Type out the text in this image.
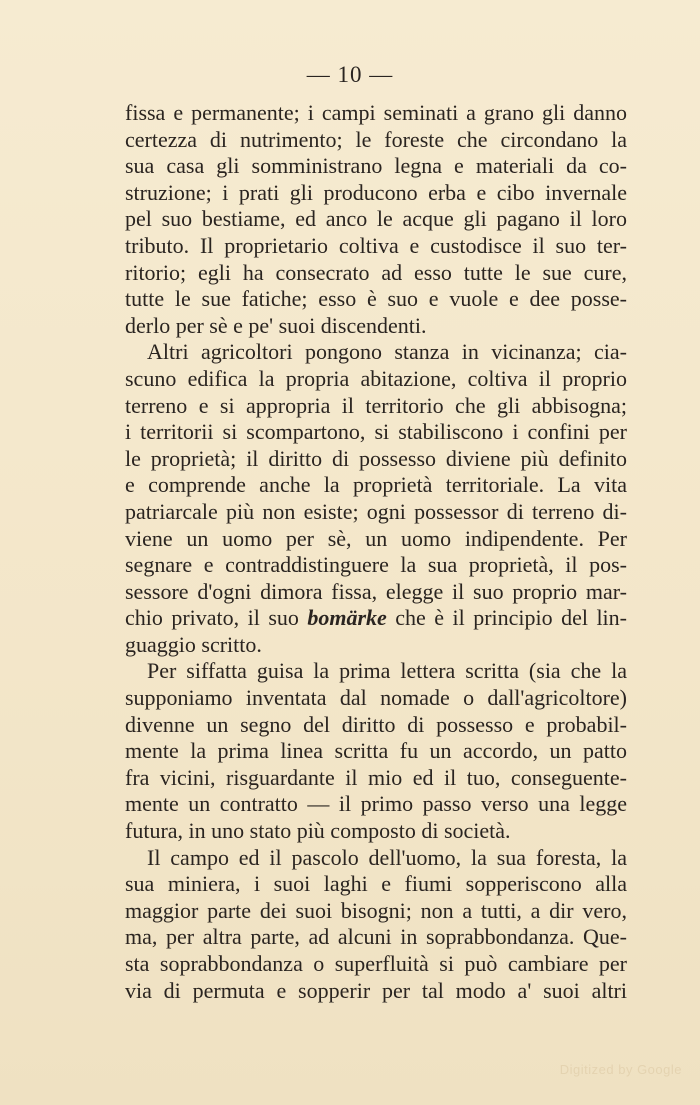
— 10 —
fissa e permanente; i campi seminati a grano gli danno
certezza di nutrimento; le foreste che circondano la
sua casa gli somministrano legna e materiali da co-
struzione; i prati gli producono erba e cibo invernale
pel suo bestiame, ed anco le acque gli pagano il loro
tributo. Il proprietario coltiva e custodisce il suo ter-
ritorio; egli ha consecrato ad esso tutte le sue cure,
tutte le sue fatiche; esso è suo e vuole e dee posse-
derlo per sè e pe' suoi discendenti.
Altri agricoltori pongono stanza in vicinanza; cia-
scuno edifica la propria abitazione, coltiva il proprio
terreno e si appropria il territorio che gli abbisogna;
i territorii si scompartono, si stabiliscono i confini per
le proprietà; il diritto di possesso diviene più definito
e comprende anche la proprietà territoriale. La vita
patriarcale più non esiste; ogni possessor di terreno di-
viene un uomo per sè, un uomo indipendente. Per
segnare e contraddistinguere la sua proprietà, il pos-
sessore d'ogni dimora fissa, elegge il suo proprio mar-
chio privato, il suo bomärke che è il principio del lin-
guaggio scritto.
Per siffatta guisa la prima lettera scritta (sia che la
supponiamo inventata dal nomade o dall'agricoltore)
divenne un segno del diritto di possesso e probabil-
mente la prima linea scritta fu un accordo, un patto
fra vicini, risguardante il mio ed il tuo, conseguente-
mente un contratto — il primo passo verso una legge
futura, in uno stato più composto di società.
Il campo ed il pascolo dell'uomo, la sua foresta, la
sua miniera, i suoi laghi e fiumi sopperiscono alla
maggior parte dei suoi bisogni; non a tutti, a dir vero,
ma, per altra parte, ad alcuni in soprabbondanza. Que-
sta soprabbondanza o superfluità si può cambiare per
via di permuta e sopperir per tal modo a' suoi altri
Digitized by Google
